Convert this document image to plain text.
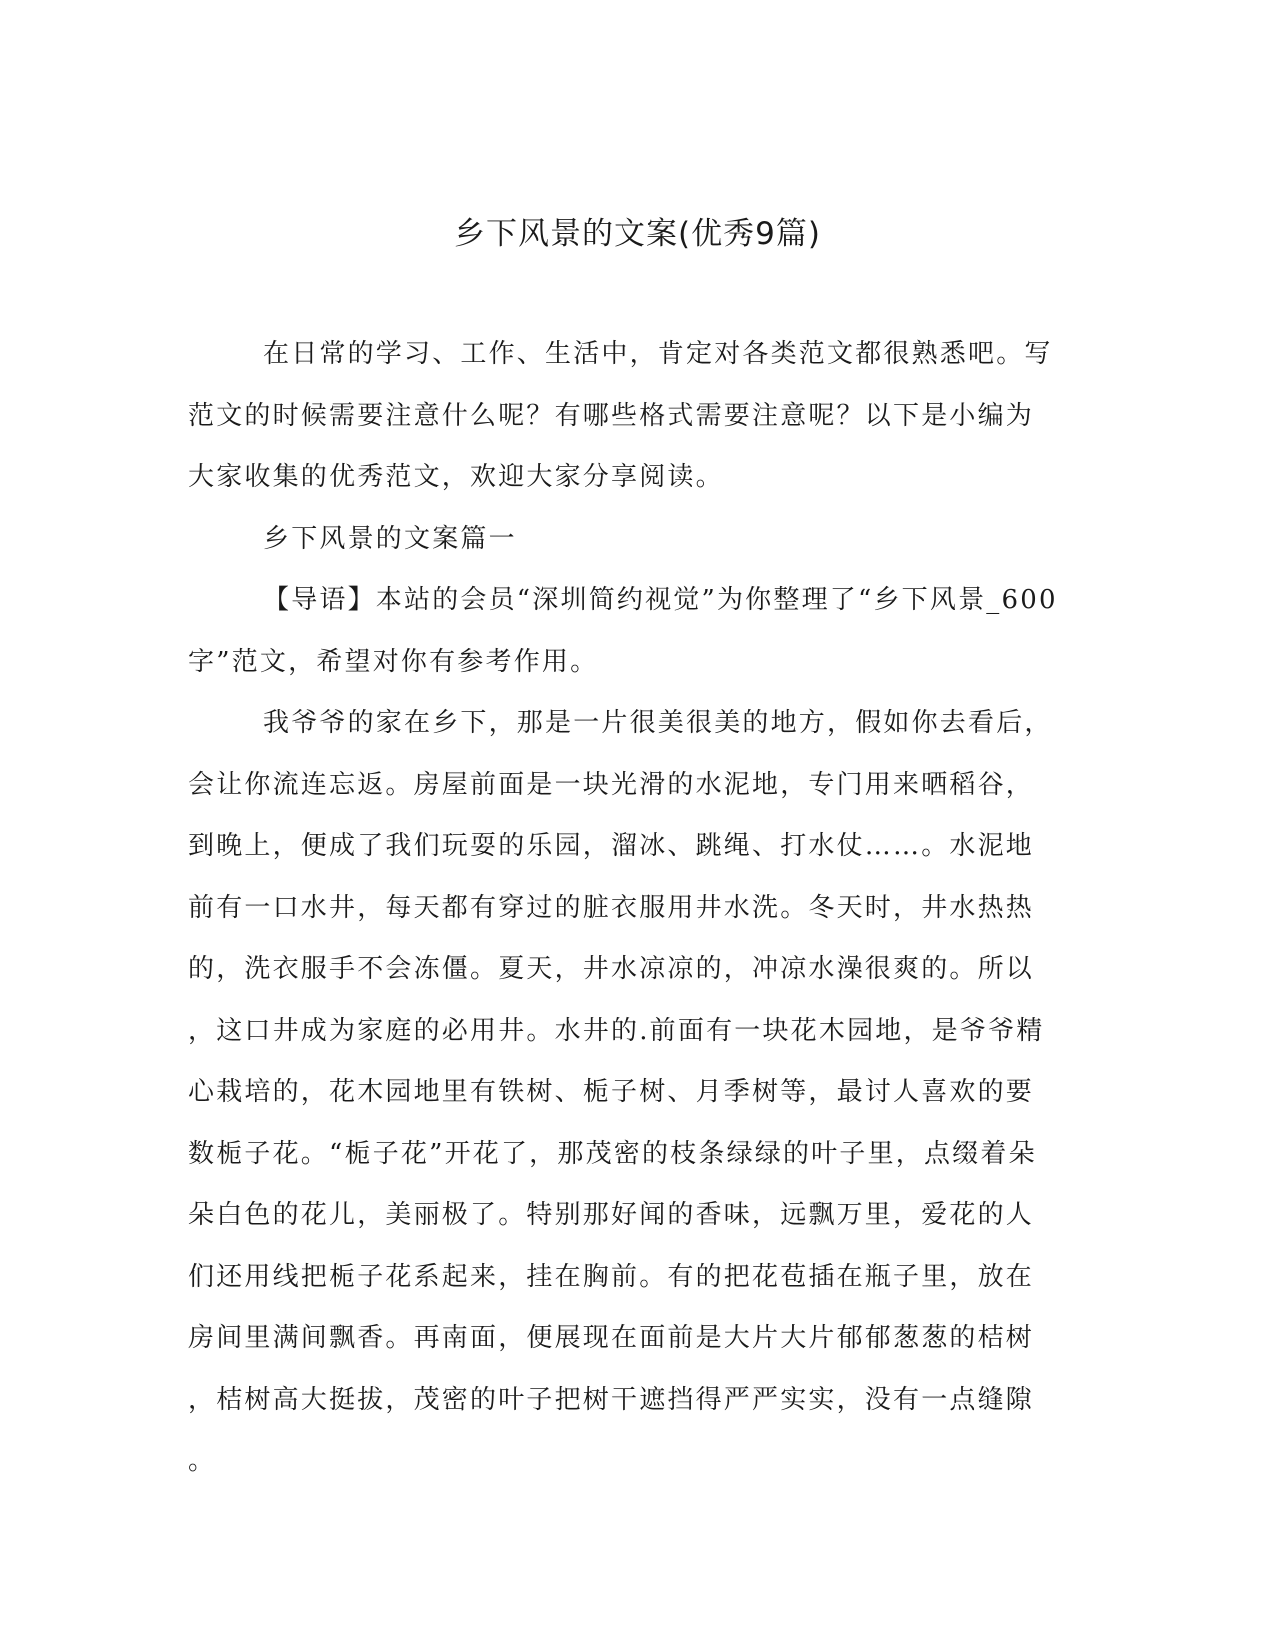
乡下风景的文案(优秀9篇)
在日常的学习、工作、生活中，肯定对各类范文都很熟悉吧。写
范文的时候需要注意什么呢？有哪些格式需要注意呢？以下是小编为
大家收集的优秀范文，欢迎大家分享阅读。
乡下风景的文案篇一
【导语】本站的会员“深圳简约视觉”为你整理了“乡下风景_600
字”范文，希望对你有参考作用。
我爷爷的家在乡下，那是一片很美很美的地方，假如你去看后，
会让你流连忘返。房屋前面是一块光滑的水泥地，专门用来晒稻谷，
到晚上，便成了我们玩耍的乐园，溜冰、跳绳、打水仗……。水泥地
前有一口水井，每天都有穿过的脏衣服用井水洗。冬天时，井水热热
的，洗衣服手不会冻僵。夏天，井水凉凉的，冲凉水澡很爽的。所以
，这口井成为家庭的必用井。水井的.前面有一块花木园地，是爷爷精
心栽培的，花木园地里有铁树、栀子树、月季树等，最讨人喜欢的要
数栀子花。“栀子花”开花了，那茂密的枝条绿绿的叶子里，点缀着朵
朵白色的花儿，美丽极了。特别那好闻的香味，远飘万里，爱花的人
们还用线把栀子花系起来，挂在胸前。有的把花苞插在瓶子里，放在
房间里满间飘香。再南面，便展现在面前是大片大片郁郁葱葱的桔树
，桔树高大挺拔，茂密的叶子把树干遮挡得严严实实，没有一点缝隙
。
